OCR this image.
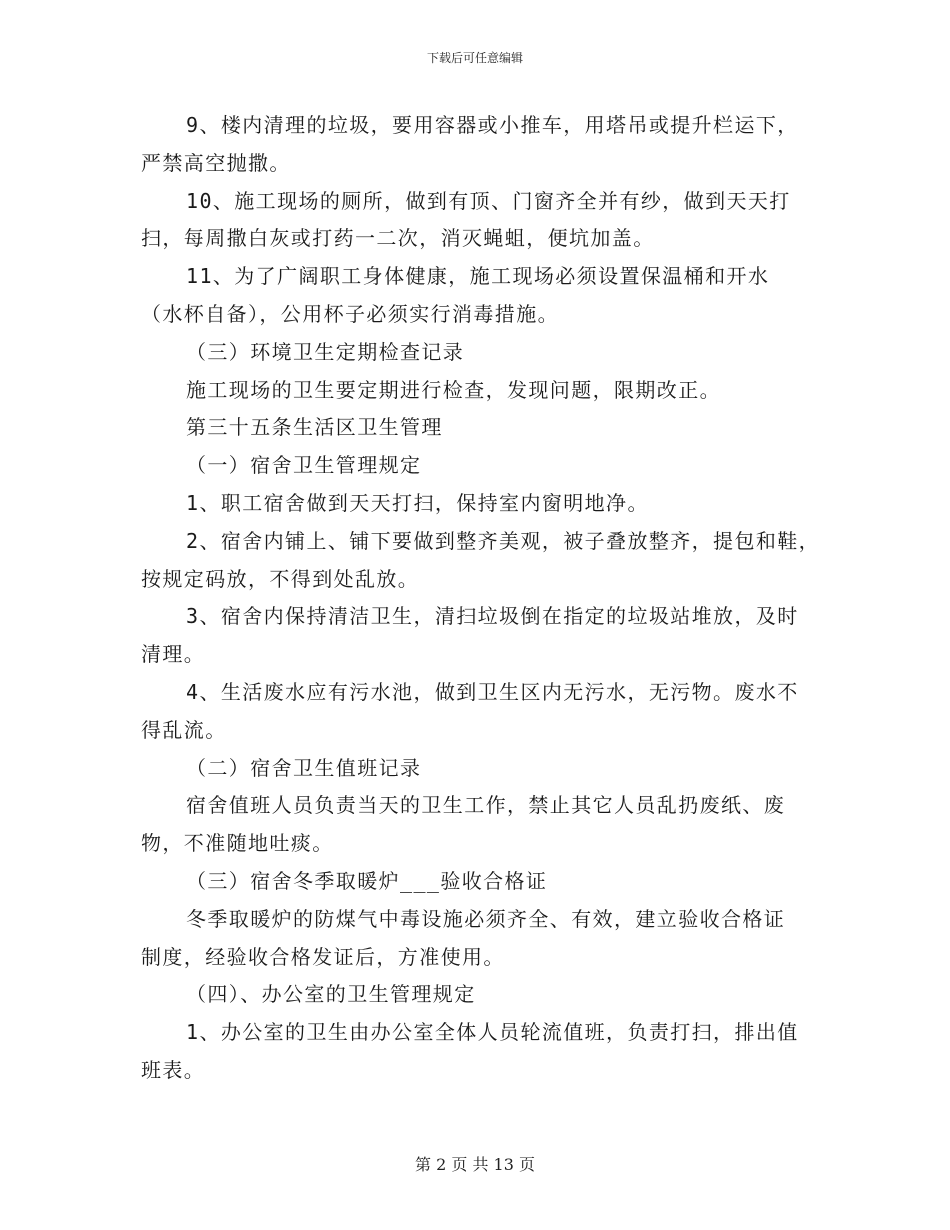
下载后可任意编辑

9、楼内清理的垃圾，要用容器或小推车，用塔吊或提升栏运下，

严禁高空抛撒。

10、施工现场的厕所，做到有顶、门窗齐全并有纱，做到天天打

扫，每周撒白灰或打药一二次，消灭蝇蛆，便坑加盖。

11、为了广阔职工身体健康，施工现场必须设置保温桶和开水

（水杯自备），公用杯子必须实行消毒措施。

（三）环境卫生定期检查记录

施工现场的卫生要定期进行检查，发现问题，限期改正。

第三十五条生活区卫生管理

（一）宿舍卫生管理规定

1、职工宿舍做到天天打扫，保持室内窗明地净。

2、宿舍内铺上、铺下要做到整齐美观，被子叠放整齐，提包和鞋，

按规定码放，不得到处乱放。

3、宿舍内保持清洁卫生，清扫垃圾倒在指定的垃圾站堆放，及时

清理。

4、生活废水应有污水池，做到卫生区内无污水，无污物。废水不

得乱流。

（二）宿舍卫生值班记录

宿舍值班人员负责当天的卫生工作，禁止其它人员乱扔废纸、废

物，不准随地吐痰。

（三）宿舍冬季取暖炉___验收合格证

冬季取暖炉的防煤气中毒设施必须齐全、有效，建立验收合格证

制度，经验收合格发证后，方准使用。

（四）、办公室的卫生管理规定

1、办公室的卫生由办公室全体人员轮流值班，负责打扫，排出值

班表。

第 2 页 共 13 页
